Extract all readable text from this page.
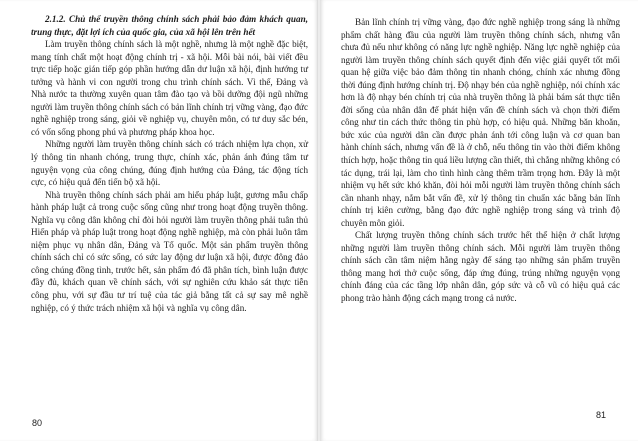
2.1.2. Chủ thể truyền thông chính sách phải bảo đảm khách quan, trung thực, đặt lợi ích của quốc gia, của xã hội lên trên hết

Làm truyền thông chính sách là một nghề, nhưng là một nghề đặc biệt, mang tính chất một hoạt động chính trị - xã hội. Mỗi bài nói, bài viết đều trực tiếp hoặc gián tiếp góp phần hướng dẫn dư luận xã hội, định hướng tư tưởng và hành vi con người trong chu trình chính sách. Vì thế, Đảng và Nhà nước ta thường xuyên quan tâm đào tạo và bồi dưỡng đội ngũ những người làm truyền thông chính sách có bản lĩnh chính trị vững vàng, đạo đức nghề nghiệp trong sáng, giỏi về nghiệp vụ, chuyên môn, có tư duy sắc bén, có vốn sống phong phú và phương pháp khoa học.

Những người làm truyền thông chính sách có trách nhiệm lựa chọn, xử lý thông tin nhanh chóng, trung thực, chính xác, phản ánh đúng tâm tư nguyện vọng của công chúng, đúng định hướng của Đảng, tác động tích cực, có hiệu quả đến tiến bộ xã hội.

Nhà truyền thông chính sách phải am hiểu pháp luật, gương mẫu chấp hành pháp luật cả trong cuộc sống cũng như trong hoạt động truyền thông. Nghĩa vụ công dân không chỉ đòi hỏi người làm truyền thông phải tuân thủ Hiến pháp và pháp luật trong hoạt động nghề nghiệp, mà còn phải luôn tâm niệm phục vụ nhân dân, Đảng và Tổ quốc. Một sản phẩm truyền thông chính sách chỉ có sức sống, có sức lay động dư luận xã hội, được đông đảo công chúng đồng tình, trước hết, sản phẩm đó đã phân tích, bình luận được đầy đủ, khách quan về chính sách, với sự nghiên cứu khảo sát thực tiễn công phu, với sự đầu tư trí tuệ của tác giả bằng tất cả sự say mê nghề nghiệp, có ý thức trách nhiệm xã hội và nghĩa vụ công dân.

80

Bản lĩnh chính trị vững vàng, đạo đức nghề nghiệp trong sáng là những phẩm chất hàng đầu của người làm truyền thông chính sách, nhưng vẫn chưa đủ nếu như không có năng lực nghề nghiệp. Năng lực nghề nghiệp của người làm truyền thông chính sách quyết định đến việc giải quyết tốt mối quan hệ giữa việc bảo đảm thông tin nhanh chóng, chính xác nhưng đồng thời đúng định hướng chính trị. Độ nhạy bén của nghề nghiệp, nói chính xác hơn là độ nhạy bén chính trị của nhà truyền thông là phải bám sát thực tiễn đời sống của nhân dân để phát hiện vấn đề chính sách và chọn thời điểm công như tin cách thức thông tin phù hợp, có hiệu quả. Những băn khoăn, bức xúc của người dân cần được phản ánh tới công luận và cơ quan ban hành chính sách, nhưng vấn đề là ở chỗ, nếu thông tin vào thời điểm không thích hợp, hoặc thông tin quá liều lượng cần thiết, thì chẳng những không có tác dụng, trái lại, làm cho tình hình càng thêm trầm trọng hơn. Đây là một nhiệm vụ hết sức khó khăn, đòi hỏi mỗi người làm truyền thông chính sách cần nhanh nhạy, nắm bắt vấn đề, xử lý thông tin chuẩn xác bằng bản lĩnh chính trị kiên cường, bằng đạo đức nghề nghiệp trong sáng và trình độ chuyên môn giỏi.

Chất lượng truyền thông chính sách trước hết thể hiện ở chất lượng những người làm truyền thông chính sách. Mỗi người làm truyền thông chính sách cần tâm niệm hằng ngày để sáng tạo những sản phẩm truyền thông mang hơi thở cuộc sống, đáp ứng đúng, trúng những nguyện vọng chính đáng của các tầng lớp nhân dân, góp sức và cỗ vũ có hiệu quả các phong trào hành động cách mạng trong cả nước.

81
